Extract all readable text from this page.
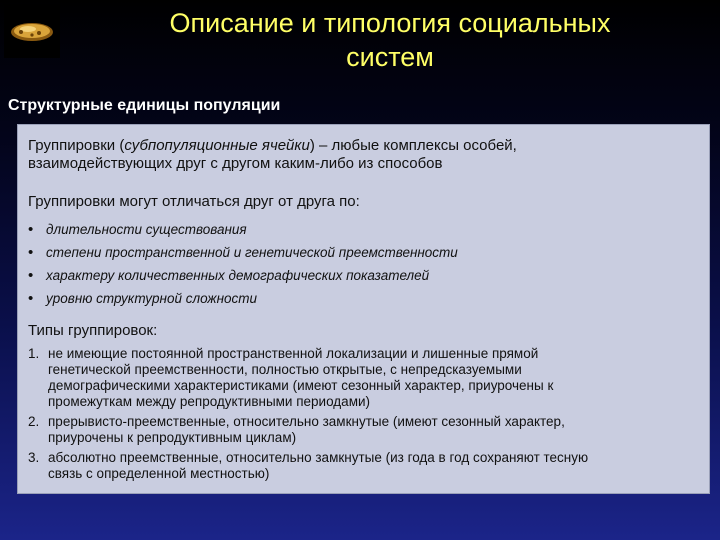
Описание и типология социальных
систем
Структурные единицы популяции
Группировки (субпопуляционные ячейки) – любые комплексы особей,
взаимодействующих друг с другом каким-либо из способов
Группировки могут отличаться друг от друга по:
• длительности существования
• степени пространственной и генетической преемственности
• характеру количественных демографических показателей
• уровню структурной сложности
Типы группировок:
1. не имеющие постоянной пространственной локализации и лишенные прямой
генетической преемственности, полностью открытые, с непредсказуемыми
демографическими характеристиками (имеют сезонный характер, приурочены к
промежуткам между репродуктивными периодами)
2. прерывисто-преемственные, относительно замкнутые (имеют сезонный характер,
приурочены к репродуктивным циклам)
3. абсолютно преемственные, относительно замкнутые (из года в год сохраняют тесную
связь с определенной местностью)
